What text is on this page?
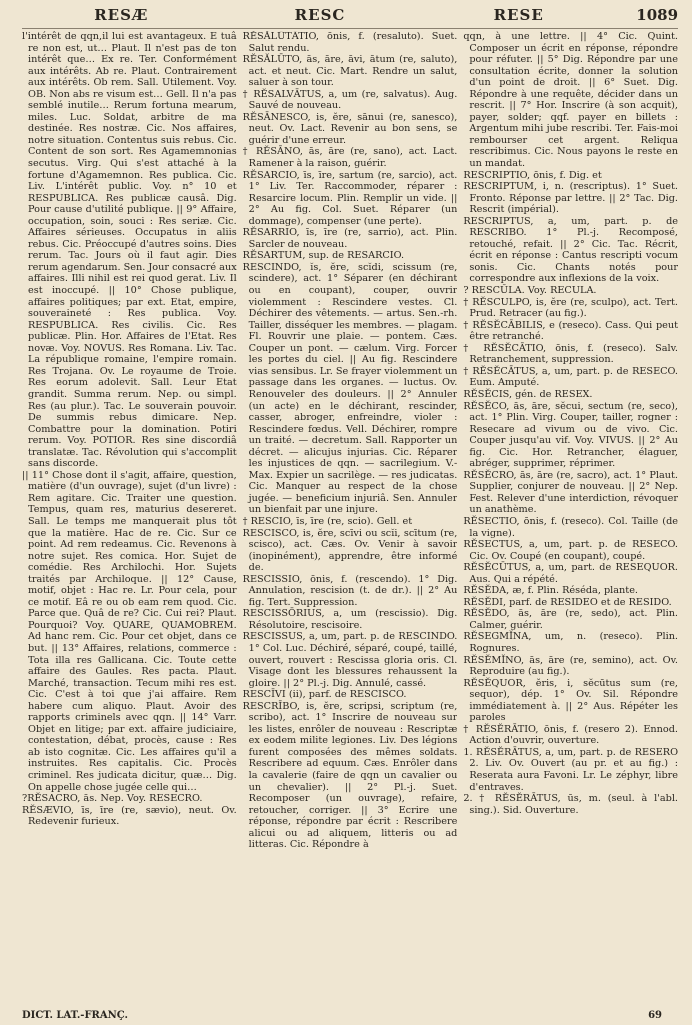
RESÆ	RESC	RESE	1089

l'intérêt de qqn,il lui est avantageux. E tuâ re non est, ut… Plaut. Il n'est pas de ton intérêt que… Ex re. Ter. Conformément aux intérêts. Ab re. Plaut. Contrairement aux intérêts. Ob rem. Sall. Utilement. Voy. OB. Non abs re visum est… Gell. Il n'a pas semblé inutile… Rerum fortuna mearum, miles. Luc. Soldat, arbitre de ma destinée. Res nostræ. Cic. Nos affaires, notre situation. Contentus suis rebus. Cic. Content de son sort. Res Agamemnonias secutus. Virg. Qui s'est attaché à la fortune d'Agamemnon. Res publica. Cic. Liv. L'intérêt public. Voy. n° 10 et RESPUBLICA. Res publicæ causâ. Dig. Pour cause d'utilité publique. || 9° Affaire, occupation, soin, souci : Res seriæ. Cic. Affaires sérieuses. Occupatus in aliis rebus. Cic. Préoccupé d'autres soins. Dies rerum. Tac. Jours où il faut agir. Dies rerum agendarum. Sen. Jour consacré aux affaires. Illi nihil est rei quod gerat. Liv. Il est inoccupé. || 10° Chose publique, affaires politiques; par ext. Etat, empire, souveraineté : Res publica. Voy. RESPUBLICA. Res civilis. Cic. Res publicæ. Plin. Hor. Affaires de l'Etat. Res novæ. Voy. NOVUS. Res Romana. Liv. Tac. La république romaine, l'empire romain. Res Trojana. Ov. Le royaume de Troie. Res eorum adolevit. Sall. Leur Etat grandit. Summa rerum. Nep. ou simpl. Res (au plur.). Tac. Le souverain pouvoir. De summis rebus dimicare. Nep. Combattre pour la domination. Potiri rerum. Voy. POTIOR. Res sine discordiâ translatæ. Tac. Révolution qui s'accomplit sans discorde.

|| 11° Chose dont il s'agit, affaire, question, matière (d'un ouvrage), sujet (d'un livre) : Rem agitare. Cic. Traiter une question. Tempus, quam res, maturius desereret. Sall. Le temps me manquerait plus tôt que la matière. Hac de re. Cic. Sur ce point. Ad rem redeamus. Cic. Revenons à notre sujet. Res comica. Hor. Sujet de comédie. Res Archilochi. Hor. Sujets traités par Archiloque. || 12° Cause, motif, objet : Hac re. Lr. Pour cela, pour ce motif. Eâ re ou ob eam rem quod. Cic. Parce que. Quâ de re? Cic. Cui rei? Plaut. Pourquoi? Voy. QUARE, QUAMOBREM. Ad hanc rem. Cic. Pour cet objet, dans ce but. || 13° Affaires, relations, commerce : Tota illa res Gallicana. Cic. Toute cette affaire des Gaules. Res pacta. Plaut. Marché, transaction. Tecum mihi res est. Cic. C'est à toi que j'ai affaire. Rem habere cum aliquo. Plaut. Avoir des rapports criminels avec qqn. || 14° Varr. Objet en litige; par ext. affaire judiciaire, contestation, débat, procès, cause : Res ab isto cognitæ. Cic. Les affaires qu'il a instruites. Res capitalis. Cic. Procès criminel. Res judicata dicitur, quæ… Dig. On appelle chose jugée celle qui…

?RĔSACRO, ās. Nep. Voy. RESECRO.

RĔSÆVIO, īs, īre (re, sævio), neut. Ov. Redevenir furieux.

RĔSĂLŪTĀTIO, ōnis, f. (resaluto). Suet. Salut rendu.

RĔSĂLŪTO, ās, āre, āvi, ātum (re, saluto), act. et neut. Cic. Mart. Rendre un salut, saluer à son tour.

† RĔSALVĀTUS, a, um (re, salvatus). Aug. Sauvé de nouveau.

RĔSĀNESCO, is, ĕre, sānui (re, sanesco), neut. Ov. Lact. Revenir au bon sens, se guérir d'une erreur.

† RĔSĀNO, ās, āre (re, sano), act. Lact. Ramener à la raison, guérir.

RĔSARCIO, īs, īre, sartum (re, sarcio), act. 1° Liv. Ter. Raccommoder, réparer : Resarcire locum. Plin. Remplir un vide. || 2° Au fig. Col. Suet. Réparer (un dommage), compenser (une perte).

RĔSARRIO, īs, īre (re, sarrio), act. Plin. Sarcler de nouveau.

RĔSARTUM, sup. de RESARCIO.

RESCINDO, ĭs, ĕre, scĭdi, scissum (re, scindere), act. 1° Séparer (en déchirant ou en coupant), couper, ouvrir violemment : Rescindere vestes. Cl. Déchirer des vêtements. — artus. Sen.-rh. Tailler, disséquer les membres. — plagam. Fl. Rouvrir une plaie. — pontem. Cæs. Couper un pont. — cælum. Virg. Forcer les portes du ciel. || Au fig. Rescindere vias sensibus. Lr. Se frayer violemment un passage dans les organes. — luctus. Ov. Renouveler des douleurs. || 2° Annuler (un acte) en le déchirant, rescinder, casser, abroger, enfreindre, violer : Rescindere fœdus. Vell. Déchirer, rompre un traité. — decretum. Sall. Rapporter un décret. — alicujus injurias. Cic. Réparer les injustices de qqn. — sacrilegium. V.-Max. Expier un sacrilège. — res judicatas. Cic. Manquer au respect de la chose jugée. — beneficium injuriâ. Sen. Annuler un bienfait par une injure.

† RESCIO, īs, īre (re, scio). Gell. et

RESCISCO, is, ĕre, scīvi ou scĭi, scītum (re, scisco), act. Cæs. Ov. Venir à savoir (inopinément), apprendre, être informé de.

RESCISSIO, ōnis, f. (rescendo). 1° Dig. Annulation, rescision (t. de dr.). || 2° Au fig. Tert. Suppression.

RESCISSŌRIUS, a, um (rescissio). Dig. Résolutoire, rescisoire.

RESCISSUS, a, um, part. p. de RESCINDO. 1° Col. Luc. Déchiré, séparé, coupé, taillé, ouvert, rouvert : Rescissa gloria oris. Cl. Visage dont les blessures rehaussent la gloire. || 2° Pl.-j. Dig. Annulé, cassé.

RESCĪVI (ii), parf. de RESCISCO.

RESCRĪBO, is, ĕre, scripsi, scriptum (re, scribo), act. 1° Inscrire de nouveau sur les listes, enrôler de nouveau : Rescriptæ ex eodem milite legiones. Liv. Des légions furent composées des mêmes soldats. Rescribere ad equum. Cæs. Enrôler dans la cavalerie (faire de qqn un cavalier ou un chevalier). || 2° Pl.-j. Suet. Recomposer (un ouvrage), refaire, retoucher, corriger. || 3° Ecrire une réponse, répondre par écrit : Rescribere alicui ou ad aliquem, litteris ou ad litteras. Cic. Répondre à

qqn, à une lettre. || 4° Cic. Quint. Composer un écrit en réponse, répondre pour réfuter. || 5° Dig. Répondre par une consultation écrite, donner la solution d'un point de droit. || 6° Suet. Dig. Répondre à une requête, décider dans un rescrit. || 7° Hor. Inscrire (à son acquit), payer, solder; qqf. payer en billets : Argentum mihi jube rescribi. Ter. Fais-moi rembourser cet argent. Reliqua rescribimus. Cic. Nous payons le reste en un mandat.

RESCRIPTIO, ōnis, f. Dig. et

RESCRIPTUM, i, n. (rescriptus). 1° Suet. Fronto. Réponse par lettre. || 2° Tac. Dig. Rescrit (impérial).

RESCRIPTUS, a, um, part. p. de RESCRIBO. 1° Pl.-j. Recomposé, retouché, refait. || 2° Cic. Tac. Récrit, écrit en réponse : Cantus rescripti vocum sonis. Cic. Chants notés pour correspondre aux inflexions de la voix.

? RESCŬLA. Voy. RECULA.

† RĔSCULPO, is, ĕre (re, sculpo), act. Tert. Prud. Retracer (au fig.).

† RĔSĔCĀBILIS, e (reseco). Cass. Qui peut être retranché.

† RĔSĔCĀTIO, ōnis, f. (reseco). Salv. Retranchement, suppression.

† RĔSĔCĀTUS, a, um, part. p. de RESECO. Eum. Amputé.

RĔSĔCIS, gén. de RESEX.

RĔSĔCO, ās, āre, sĕcui, sectum (re, seco), act. 1° Plin. Virg. Couper, tailler, rogner : Resecare ad vivum ou de vivo. Cic. Couper jusqu'au vif. Voy. VIVUS. || 2° Au fig. Cic. Hor. Retrancher, élaguer, abréger, supprimer, réprimer.

RĔSĔCRO, ās, āre (re, sacro), act. 1° Plaut. Supplier, conjurer de nouveau. || 2° Nep. Fest. Relever d'une interdiction, révoquer un anathème.

RĔSECTIO, ōnis, f. (reseco). Col. Taille (de la vigne).

RĔSECTUS, a, um, part. p. de RESECO. Cic. Ov. Coupé (en coupant), coupé.

RĔSĔCŪTUS, a, um, part. de RESEQUOR. Aus. Qui a répété.

RĔSĔDA, æ, f. Plin. Réséda, plante.

RĔSĔDI, parf. de RESIDEO et de RESIDO.

RĔSĔDO, ās, āre (re, sedo), act. Plin. Calmer, guérir.

RĔSEGMĬNA, um, n. (reseco). Plin. Rognures.

RĔSĔMĬNO, ās, āre (re, semino), act. Ov. Reproduire (au fig.).

RĔSĔQUOR, ĕris, i, sĕcūtus sum (re, sequor), dép. 1° Ov. Sil. Répondre immédiatement à. || 2° Aus. Répéter les paroles

† RĔSĔRĀTIO, ōnis, f. (resero 2). Ennod. Action d'ouvrir, ouverture.

1. RĔSĔRĀTUS, a, um, part. p. de RESERO 2. Liv. Ov. Ouvert (au pr. et au fig.) : Reserata aura Favoni. Lr. Le zéphyr, libre d'entraves.

2. † RĔSĔRĀTUS, ūs, m. (seul. à l'abl. sing.). Sid. Ouverture.

DICT. LAT.-FRANÇ.	69
